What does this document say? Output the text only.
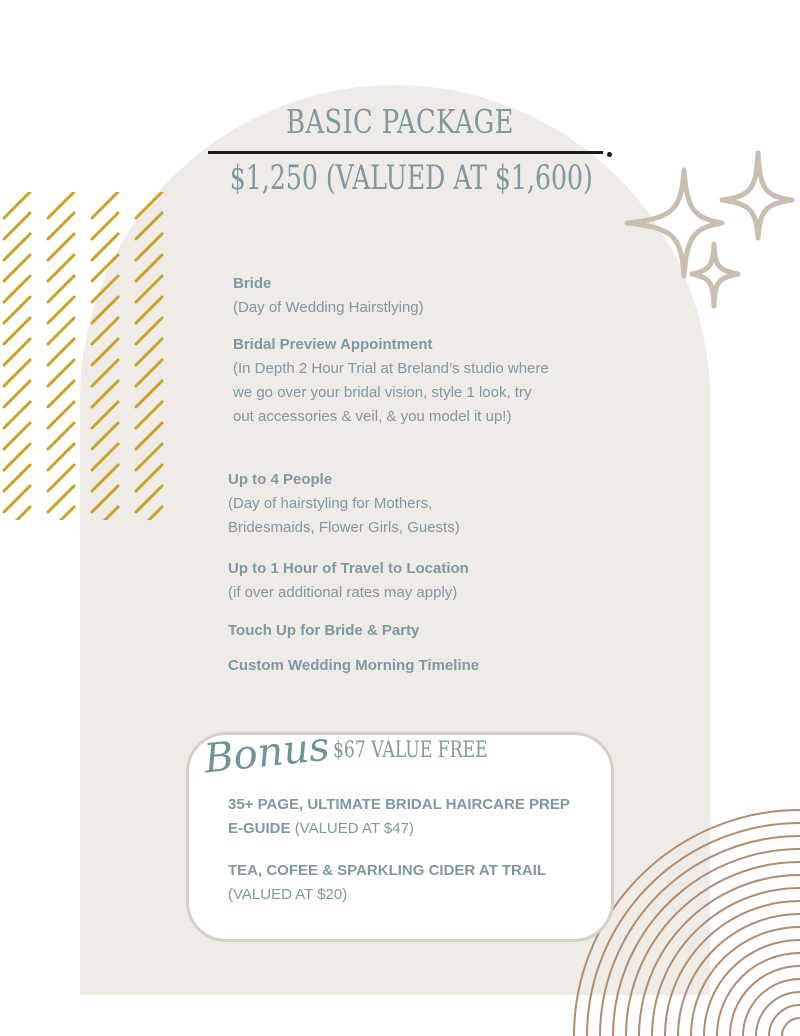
BASIC PACKAGE
$1,250 (VALUED AT $1,600)
Bride
(Day of Wedding Hairstlying)
Bridal Preview Appointment
(In Depth 2 Hour Trial at Breland’s studio where we go over your bridal vision, style 1 look, try out accessories & veil, & you model it up!)
Up to 4 People
(Day of hairstyling for Mothers, Bridesmaids, Flower Girls, Guests)
Up to 1 Hour of Travel to Location
(if over additional rates may apply)
Touch Up for Bride & Party
Custom Wedding Morning Timeline
Bonus $67 VALUE FREE
35+ PAGE, ULTIMATE BRIDAL HAIRCARE PREP E-GUIDE (VALUED AT $47)
TEA, COFEE & SPARKLING CIDER AT TRAIL (VALUED AT $20)
